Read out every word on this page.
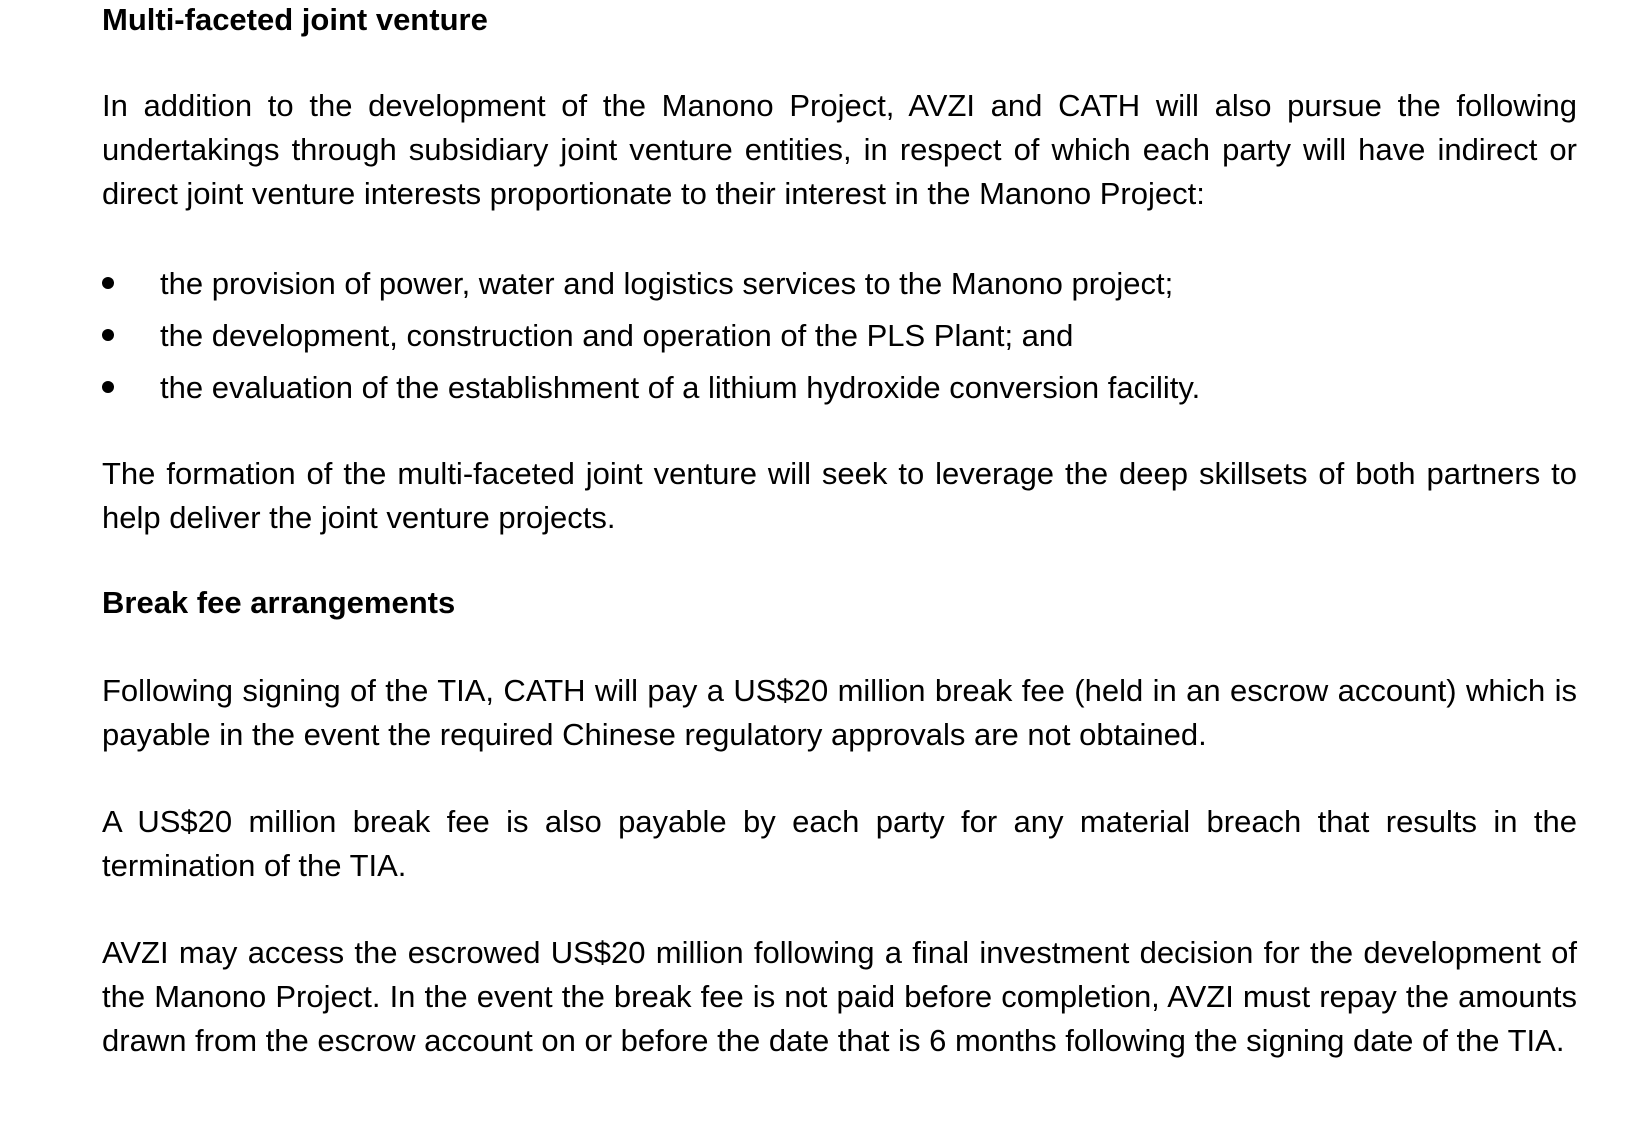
Multi-faceted joint venture

In addition to the development of the Manono Project, AVZI and CATH will also pursue the following undertakings through subsidiary joint venture entities, in respect of which each party will have indirect or direct joint venture interests proportionate to their interest in the Manono Project:

the provision of power, water and logistics services to the Manono project;
the development, construction and operation of the PLS Plant; and
the evaluation of the establishment of a lithium hydroxide conversion facility.

The formation of the multi-faceted joint venture will seek to leverage the deep skillsets of both partners to help deliver the joint venture projects.

Break fee arrangements

Following signing of the TIA, CATH will pay a US$20 million break fee (held in an escrow account) which is payable in the event the required Chinese regulatory approvals are not obtained.

A US$20 million break fee is also payable by each party for any material breach that results in the termination of the TIA.

AVZI may access the escrowed US$20 million following a final investment decision for the development of the Manono Project. In the event the break fee is not paid before completion, AVZI must repay the amounts drawn from the escrow account on or before the date that is 6 months following the signing date of the TIA.
